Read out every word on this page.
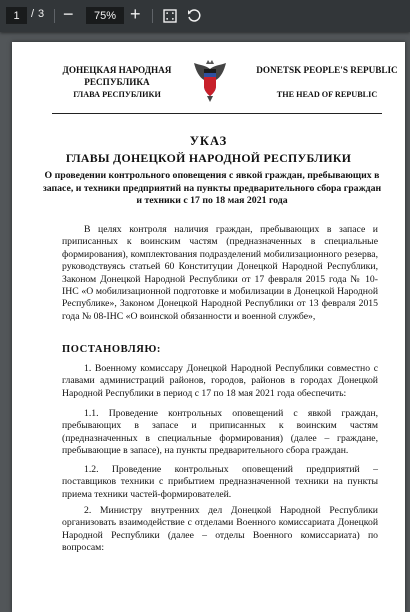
1	/ 3 −	75% +
ДОНЕЦКАЯ НАРОДНАЯ РЕСПУБЛИКА
ГЛАВА РЕСПУБЛИКИ
DONETSK PEOPLE'S REPUBLIC
THE HEAD OF REPUBLIC
УКАЗ
ГЛАВЫ ДОНЕЦКОЙ НАРОДНОЙ РЕСПУБЛИКИ
О проведении контрольного оповещения с явкой граждан, пребывающих в запасе, и техники предприятий на пункты предварительного сбора граждан и техники с 17 по 18 мая 2021 года

В целях контроля наличия граждан, пребывающих в запасе и приписанных к воинским частям (предназначенных в специальные формирования), комплектования подразделений мобилизационного резерва, руководствуясь статьей 60 Конституции Донецкой Народной Республики, Законом Донецкой Народной Республики от 17 февраля 2015 года № 10-IНС «О мобилизационной подготовке и мобилизации в Донецкой Народной Республике», Законом Донецкой Народной Республики от 13 февраля 2015 года № 08-IНС «О воинской обязанности и военной службе»,

ПОСТАНОВЛЯЮ:

1. Военному комиссару Донецкой Народной Республики совместно с главами администраций районов, городов, районов в городах Донецкой Народной Республики в период с 17 по 18 мая 2021 года обеспечить:

1.1. Проведение контрольных оповещений с явкой граждан, пребывающих в запасе и приписанных к воинским частям (предназначенных в специальные формирования) (далее – граждане, пребывающие в запасе), на пункты предварительного сбора граждан.

1.2. Проведение контрольных оповещений предприятий – поставщиков техники с прибытием предназначенной техники на пункты приема техники частей-формирователей.

2. Министру внутренних дел Донецкой Народной Республики организовать взаимодействие с отделами Военного комиссариата Донецкой Народной Республики (далее – отделы Военного комиссариата) по вопросам:
